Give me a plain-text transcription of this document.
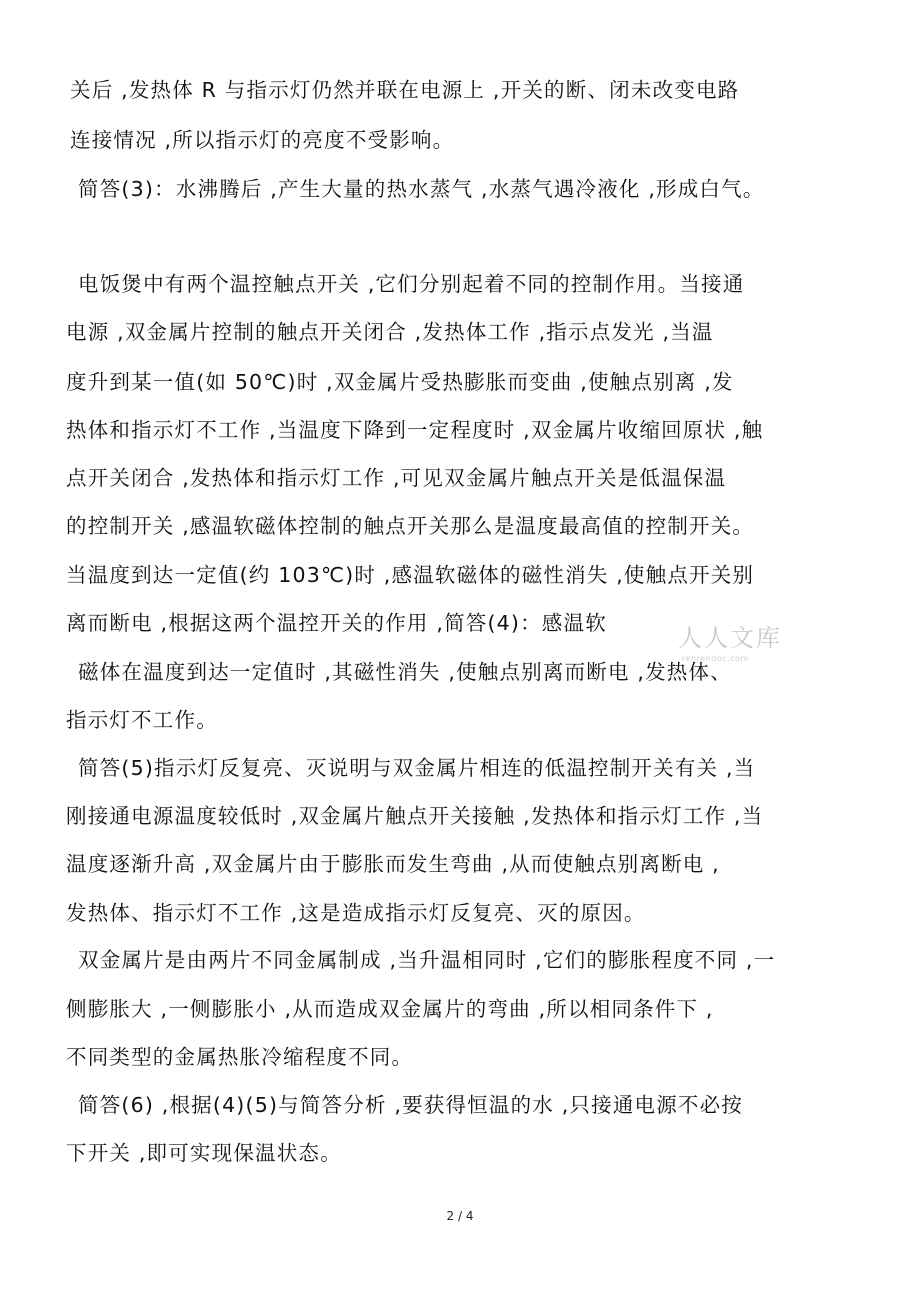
关后 ,发热体 R 与指示灯仍然并联在电源上 ,开关的断、闭未改变电路
连接情况 ,所以指示灯的亮度不受影响。
简答(3)：水沸腾后 ,产生大量的热水蒸气 ,水蒸气遇冷液化 ,形成白气。
电饭煲中有两个温控触点开关 ,它们分别起着不同的控制作用。当接通
电源 ,双金属片控制的触点开关闭合 ,发热体工作 ,指示点发光 ,当温
度升到某一值(如 50℃)时 ,双金属片受热膨胀而变曲 ,使触点别离 ,发
热体和指示灯不工作 ,当温度下降到一定程度时 ,双金属片收缩回原状 ,触
点开关闭合 ,发热体和指示灯工作 ,可见双金属片触点开关是低温保温
的控制开关 ,感温软磁体控制的触点开关那么是温度最高值的控制开关。
当温度到达一定值(约 103℃)时 ,感温软磁体的磁性消失 ,使触点开关别
离而断电 ,根据这两个温控开关的作用 ,简答(4)：感温软
磁体在温度到达一定值时 ,其磁性消失 ,使触点别离而断电 ,发热体、
指示灯不工作。
简答(5)指示灯反复亮、灭说明与双金属片相连的低温控制开关有关 ,当
刚接通电源温度较低时 ,双金属片触点开关接触 ,发热体和指示灯工作 ,当
温度逐渐升高 ,双金属片由于膨胀而发生弯曲 ,从而使触点别离断电 ,
发热体、指示灯不工作 ,这是造成指示灯反复亮、灭的原因。
双金属片是由两片不同金属制成 ,当升温相同时 ,它们的膨胀程度不同 ,一
侧膨胀大 ,一侧膨胀小 ,从而造成双金属片的弯曲 ,所以相同条件下 ,
不同类型的金属热胀冷缩程度不同。
简答(6) ,根据(4)(5)与简答分析 ,要获得恒温的水 ,只接通电源不必按
下开关 ,即可实现保温状态。
人人文库
renrendoc.com
2 / 4
